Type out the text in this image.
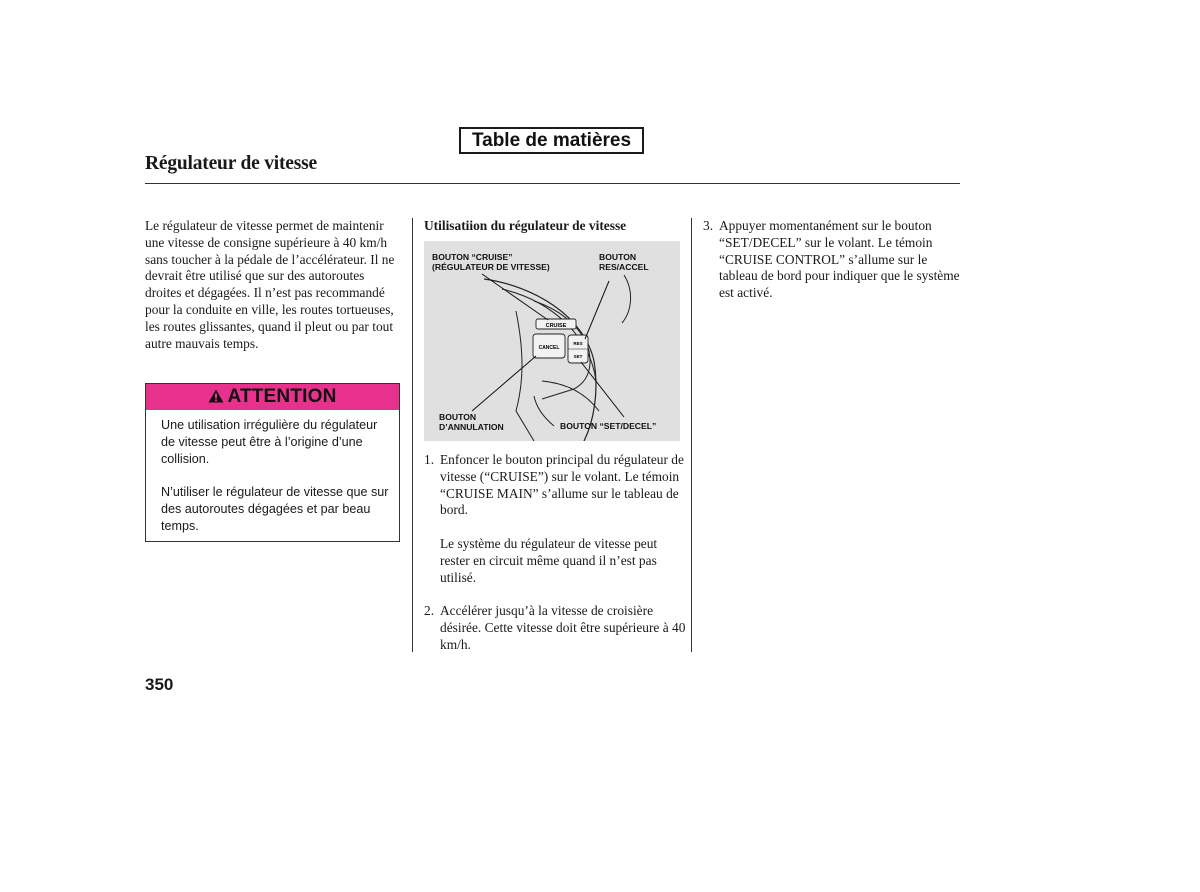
Table de matières
Régulateur de vitesse

Le régulateur de vitesse permet de maintenir une vitesse de consigne supérieure à 40 km/h sans toucher à la pédale de l’accélérateur. Il ne devrait être utilisé que sur des autoroutes droites et dégagées. Il n’est pas recommandé pour la conduite en ville, les routes tortueuses, les routes glissantes, quand il pleut ou par tout autre mauvais temps.

ATTENTION

Une utilisation irrégulière du régulateur de vitesse peut être à l’origine d’une collision.

N’utiliser le régulateur de vitesse que sur des autoroutes dégagées et par beau temps.

Utilisatiion du régulateur de vitesse

CRUISE
CANCEL
RES
SET
BOUTON “CRUISE”
(RÉGULATEUR DE VITESSE)
BOUTON
RES/ACCEL
BOUTON
D’ANNULATION	BOUTON “SET/DECEL”
1. Enfoncer le bouton principal du régulateur de vitesse (“CRUISE”) sur le volant. Le témoin “CRUISE MAIN” s’allume sur le tableau de bord.

Le système du régulateur de vitesse peut rester en circuit même quand il n’est pas utilisé.

2. Accélérer jusqu’à la vitesse de croisière désirée. Cette vitesse doit être supérieure à 40 km/h.

3. Appuyer momentanément sur le bouton “SET/DECEL” sur le volant. Le témoin “CRUISE CONTROL” s’allume sur le tableau de bord pour indiquer que le système est activé.

350
